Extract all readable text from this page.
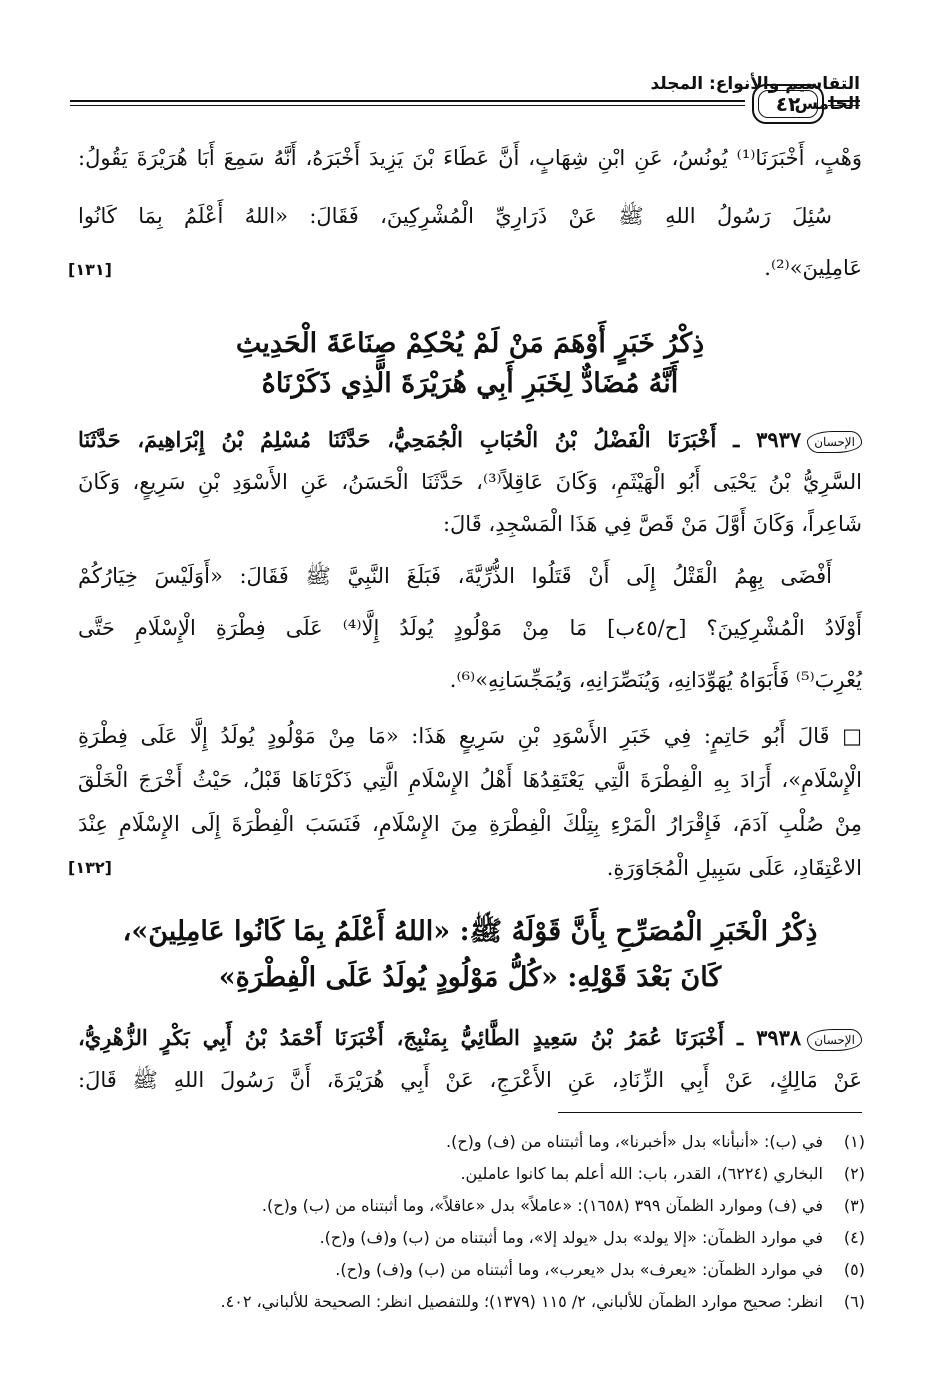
التقاسيم والأنواع: المجلد الخامس
٤٢
وَهْبٍ، أَخْبَرَنَا⁽¹⁾ يُونُسُ، عَنِ ابْنِ شِهَابٍ، أَنَّ عَطَاءَ بْنَ يَزِيدَ أَخْبَرَهُ، أَنَّهُ سَمِعَ أَبَا هُرَيْرَةَ يَقُولُ:
سُئِلَ رَسُولُ اللهِ ﷺ عَنْ ذَرَارِيِّ الْمُشْرِكِينَ، فَقَالَ: «اللهُ أَعْلَمُ بِمَا كَانُوا
عَامِلِينَ»⁽²⁾.
[١٣١]
ذِكْرُ خَبَرٍ أَوْهَمَ مَنْ لَمْ يُحْكِمْ صِنَاعَةَ الْحَدِيثِ
أَنَّهُ مُضَادٌّ لِخَبَرِ أَبِي هُرَيْرَةَ الَّذِي ذَكَرْنَاهُ
الإحسان٣٩٣٧ ـ أَخْبَرَنَا الْفَضْلُ بْنُ الْحُبَابِ الْجُمَحِيُّ، حَدَّثَنَا مُسْلِمُ بْنُ إِبْرَاهِيمَ، حَدَّثَنَا
السَّرِيُّ بْنُ يَحْيَى أَبُو الْهَيْثَمِ، وَكَانَ عَاقِلاً⁽³⁾، حَدَّثَنَا الْحَسَنُ، عَنِ الأَسْوَدِ بْنِ سَرِيعٍ، وَكَانَ
شَاعِراً، وَكَانَ أَوَّلَ مَنْ قَصَّ فِي هَذَا الْمَسْجِدِ، قَالَ:
أَفْضَى بِهِمُ الْقَتْلُ إِلَى أَنْ قَتَلُوا الذُّرِّيَّةَ، فَبَلَغَ النَّبِيَّ ﷺ فَقَالَ: «أَوَلَيْسَ خِيَارُكُمْ
أَوْلَادُ الْمُشْرِكِينَ؟ [ح/٤٥ب] مَا مِنْ مَوْلُودٍ يُولَدُ إِلَّا⁽⁴⁾ عَلَى فِطْرَةِ الْإِسْلَامِ حَتَّى
يُعْرِبَ⁽⁵⁾ فَأَبَوَاهُ يُهَوِّدَانِهِ، وَيُنَصِّرَانِهِ، وَيُمَجِّسَانِهِ»⁽⁶⁾.
□ قَالَ أَبُو حَاتِمٍ: فِي خَبَرِ الأَسْوَدِ بْنِ سَرِيعٍ هَذَا: «مَا مِنْ مَوْلُودٍ يُولَدُ إِلَّا عَلَى فِطْرَةِ
الْإِسْلَامِ»، أَرَادَ بِهِ الْفِطْرَةَ الَّتِي يَعْتَقِدُهَا أَهْلُ الإِسْلَامِ الَّتِي ذَكَرْنَاهَا قَبْلُ، حَيْثُ أَخْرَجَ الْخَلْقَ
مِنْ صُلْبِ آدَمَ، فَإِقْرَارُ الْمَرْءِ بِتِلْكَ الْفِطْرَةِ مِنَ الإِسْلَامِ، فَنَسَبَ الْفِطْرَةَ إِلَى الإِسْلَامِ عِنْدَ
الاعْتِقَادِ، عَلَى سَبِيلِ الْمُجَاوَرَةِ.
[١٣٢]
ذِكْرُ الْخَبَرِ الْمُصَرِّحِ بِأَنَّ قَوْلَهُ ﷺ: «اللهُ أَعْلَمُ بِمَا كَانُوا عَامِلِينَ»،
كَانَ بَعْدَ قَوْلِهِ: «كُلُّ مَوْلُودٍ يُولَدُ عَلَى الْفِطْرَةِ»
الإحسان٣٩٣٨ ـ أَخْبَرَنَا عُمَرُ بْنُ سَعِيدٍ الطَّائِيُّ بِمَنْبِجَ، أَخْبَرَنَا أَحْمَدُ بْنُ أَبِي بَكْرٍ الزُّهْرِيُّ،
عَنْ مَالِكٍ، عَنْ أَبِي الزِّنَادِ، عَنِ الأَعْرَجِ، عَنْ أَبِي هُرَيْرَةَ، أَنَّ رَسُولَ اللهِ ﷺ قَالَ:
(١)في (ب): «أنبأنا» بدل «أخبرنا»، وما أثبتناه من (ف) و(ح).
(٢)البخاري (٦٢٢٤)، القدر، باب: الله أعلم بما كانوا عاملين.
(٣)في (ف) وموارد الظمآن ٣٩٩ (١٦٥٨): «عاملاً» بدل «عاقلاً»، وما أثبتناه من (ب) و(ح).
(٤)في موارد الظمآن: «إلا يولد» بدل «يولد إلا»، وما أثبتناه من (ب) و(ف) و(ح).
(٥)في موارد الظمآن: «يعرف» بدل «يعرب»، وما أثبتناه من (ب) و(ف) و(ح).
(٦)انظر: صحيح موارد الظمآن للألباني، ٢/ ١١٥ (١٣٧٩)؛ وللتفصيل انظر: الصحيحة للألباني، ٤٠٢.
